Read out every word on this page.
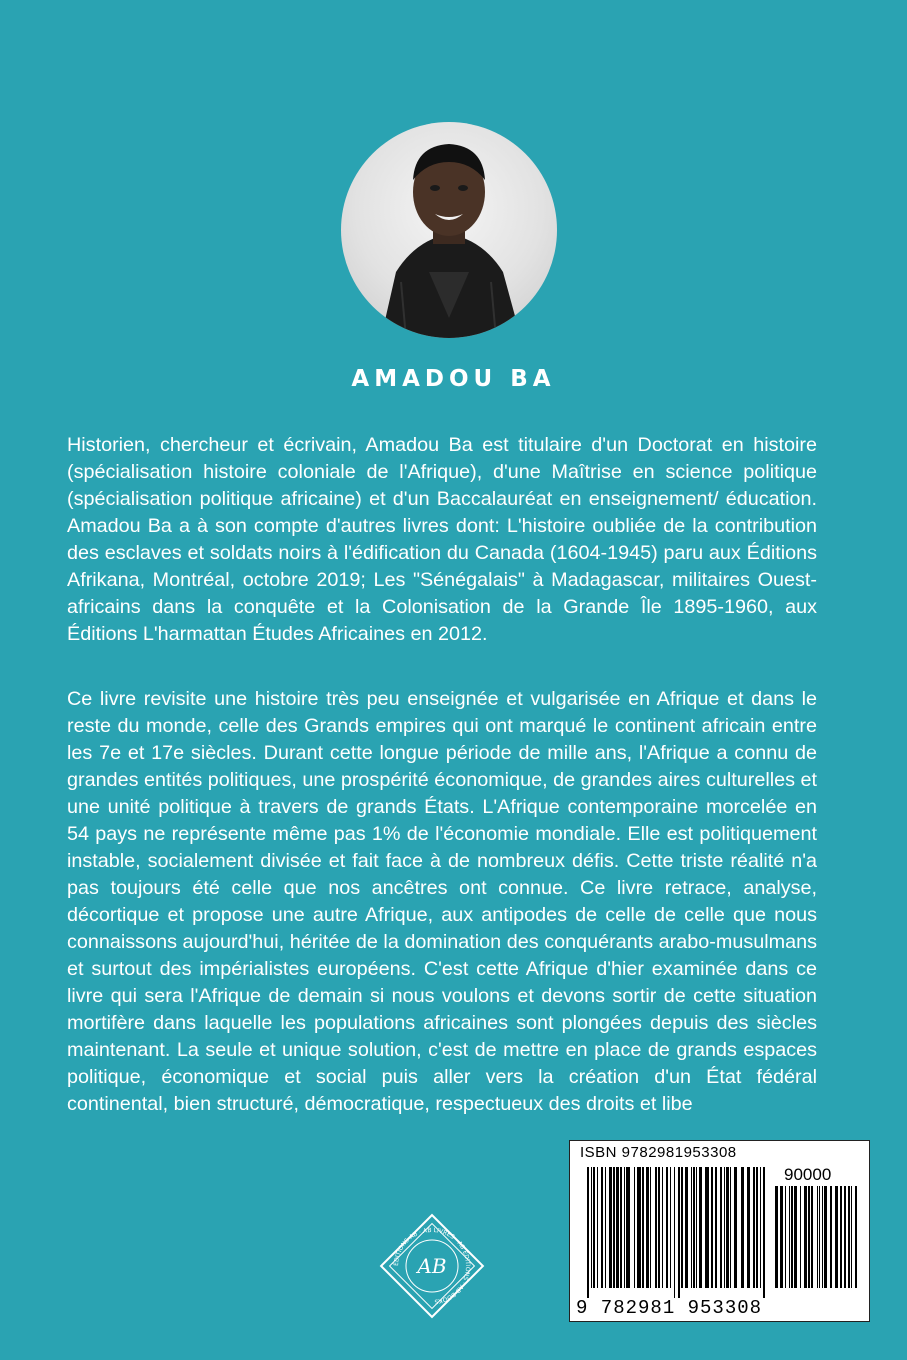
AMADOU BA

Historien, chercheur et écrivain, Amadou Ba est titulaire d'un Doctorat en histoire (spécialisation histoire coloniale de l'Afrique), d'une Maîtrise en science politique (spécialisation politique africaine) et d'un Baccalauréat en enseignement/ éducation. Amadou Ba a à son compte d'autres livres dont: L'histoire oubliée de la contribution des esclaves et soldats noirs à l'édification du Canada (1604-1945) paru aux Éditions Afrikana, Montréal, octobre 2019; Les "Sénégalais" à Madagascar, militaires Ouest-africains dans la conquête et la Colonisation de la Grande Île 1895-1960, aux Éditions L'harmattan Études Africaines en 2012.

Ce livre revisite une histoire très peu enseignée et vulgarisée en Afrique et dans le reste du monde, celle des Grands empires qui ont marqué le continent africain entre les 7e et 17e siècles. Durant cette longue période de mille ans, l'Afrique a connu de grandes entités politiques, une prospérité économique, de grandes aires culturelles et une unité politique à travers de grands États. L'Afrique contemporaine morcelée en 54 pays ne représente même pas 1% de l'économie mondiale. Elle est politiquement instable, socialement divisée et fait face à de nombreux défis. Cette triste réalité n'a pas toujours été celle que nos ancêtres ont connue. Ce livre retrace, analyse, décortique et propose une autre Afrique, aux antipodes de celle de celle que nous connaissons aujourd'hui, héritée de la domination des conquérants arabo-musulmans et surtout des impérialistes européens. C'est cette Afrique d'hier examinée dans ce livre qui sera l'Afrique de demain si nous voulons et devons sortir de cette situation mortifère dans laquelle les populations africaines sont plongées depuis des siècles maintenant. La seule et unique solution, c'est de mettre en place de grands espaces politique, économique et social puis aller vers la création d'un État fédéral continental, bien structuré, démocratique, respectueux des droits et libe

ÉDITIONS AB · AB LIVRES · AB ÉDITIONS · AB BOOKS
AB
ISBN 9782981953308
90000
9 782981 953308
